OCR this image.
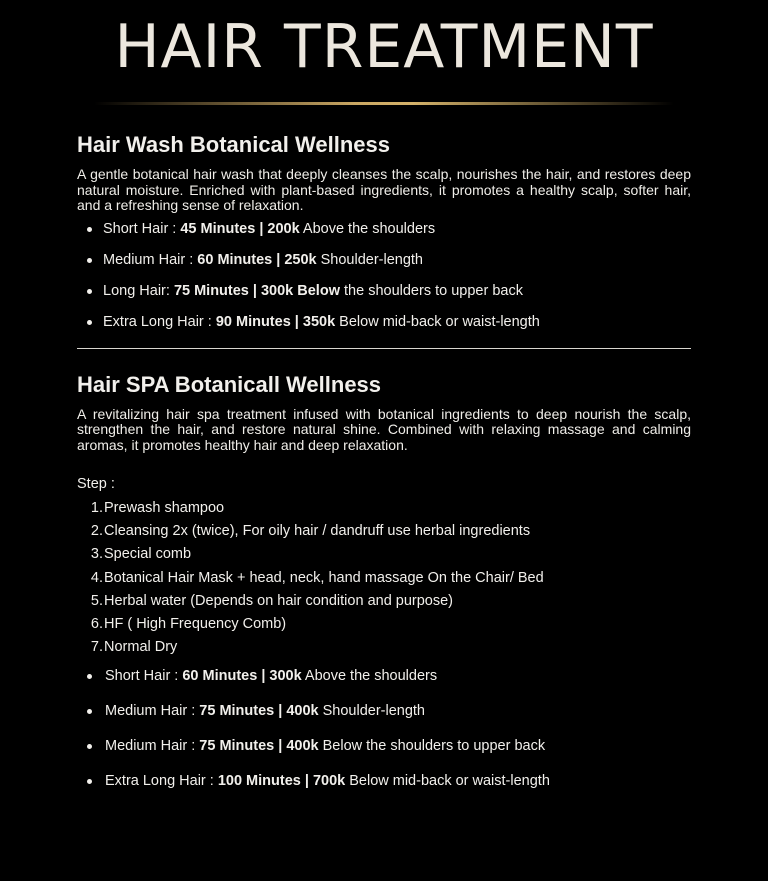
HAIR TREATMENT
Hair Wash Botanical Wellness

A gentle botanical hair wash that deeply cleanses the scalp, nourishes the hair, and restores deep natural moisture. Enriched with plant-based ingredients, it promotes a healthy scalp, softer hair, and a refreshing sense of relaxation.

Short Hair : 45 Minutes | 200k Above the shoulders
Medium Hair : 60 Minutes | 250k Shoulder-length
Long Hair: 75 Minutes | 300k Below the shoulders to upper back
Extra Long Hair : 90 Minutes | 350k Below mid-back or waist-length
Hair SPA Botanicall Wellness

A revitalizing hair spa treatment infused with botanical ingredients to deep nourish the scalp, strengthen the hair, and restore natural shine. Combined with relaxing massage and calming aromas, it promotes healthy hair and deep relaxation.

Step :

1. Prewash shampoo
2. Cleansing 2x (twice), For oily hair / dandruff use herbal ingredients
3. Special comb
4. Botanical Hair Mask + head, neck, hand massage On the Chair/ Bed
5. Herbal water (Depends on hair condition and purpose)
6. HF ( High Frequency Comb)
7. Normal Dry
Short Hair : 60 Minutes | 300k Above the shoulders
Medium Hair : 75 Minutes | 400k Shoulder-length
Medium Hair : 75 Minutes | 400k Below the shoulders to upper back
Extra Long Hair : 100 Minutes | 700k Below mid-back or waist-length
